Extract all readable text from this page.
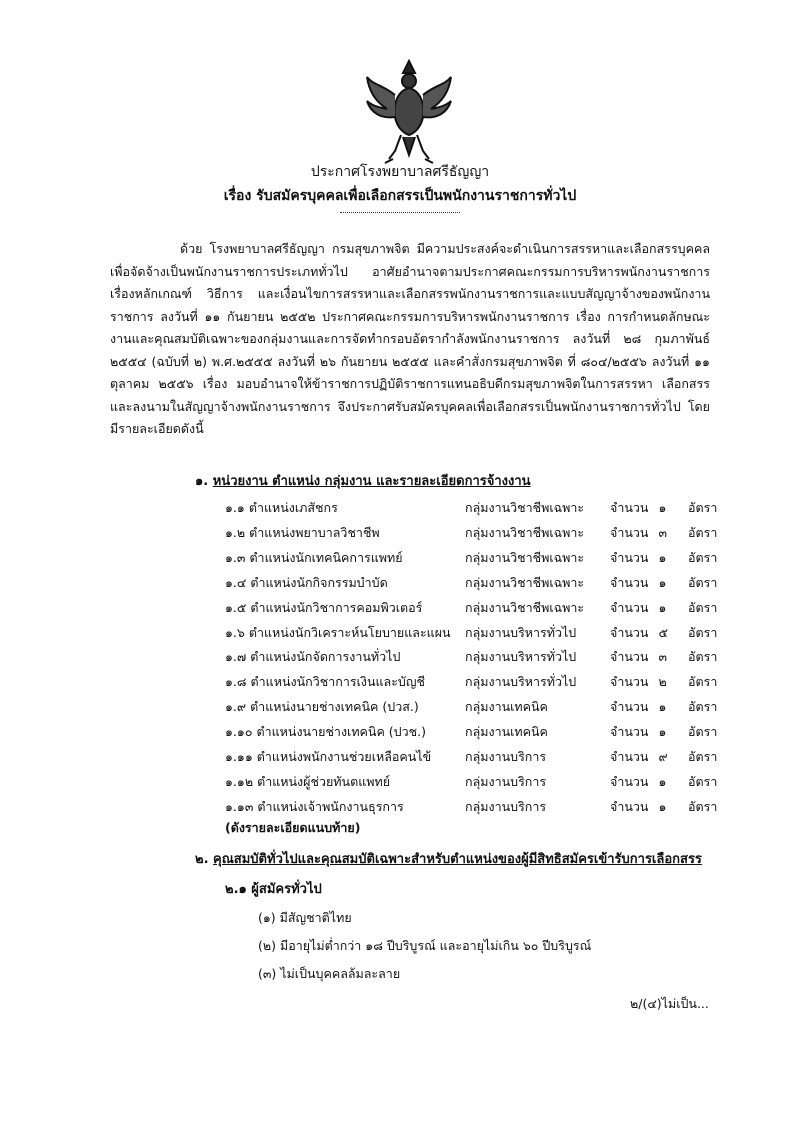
ประกาศโรงพยาบาลศรีธัญญา
เรื่อง รับสมัครบุคคลเพื่อเลือกสรรเป็นพนักงานราชการทั่วไป
ด้วย โรงพยาบาลศรีธัญญา กรมสุขภาพจิต มีความประสงค์จะดำเนินการสรรหาและเลือกสรรบุคคลเพื่อจัดจ้างเป็นพนักงานราชการประเภททั่วไป อาศัยอำนาจตามประกาศคณะกรรมการบริหารพนักงานราชการ เรื่องหลักเกณฑ์ วิธีการ และเงื่อนไขการสรรหาและเลือกสรรพนักงานราชการและแบบสัญญาจ้างของพนักงานราชการ ลงวันที่ ๑๑ กันยายน ๒๕๕๒ ประกาศคณะกรรมการบริหารพนักงานราชการ เรื่อง การกำหนดลักษณะงานและคุณสมบัติเฉพาะของกลุ่มงานและการจัดทำกรอบอัตรากำลังพนักงานราชการ ลงวันที่ ๒๘ กุมภาพันธ์ ๒๕๕๔ (ฉบับที่ ๒) พ.ศ.๒๕๕๕ ลงวันที่ ๒๖ กันยายน ๒๕๕๕ และคำสั่งกรมสุขภาพจิต ที่ ๘๐๔/๒๕๕๖ ลงวันที่ ๑๑ ตุลาคม ๒๕๕๖ เรื่อง มอบอำนาจให้ข้าราชการปฏิบัติราชการแทนอธิบดีกรมสุขภาพจิตในการสรรหา เลือกสรรและลงนามในสัญญาจ้างพนักงานราชการ จึงประกาศรับสมัครบุคคลเพื่อเลือกสรรเป็นพนักงานราชการทั่วไป โดยมีรายละเอียดดังนี้
๑. หน่วยงาน ตำแหน่ง กลุ่มงาน และรายละเอียดการจ้างงาน
๑.๑ ตำแหน่งเภสัชกร	กลุ่มงานวิชาชีพเฉพาะ จำนวน ๑ อัตรา
๑.๒ ตำแหน่งพยาบาลวิชาชีพ	กลุ่มงานวิชาชีพเฉพาะ จำนวน ๓ อัตรา
๑.๓ ตำแหน่งนักเทคนิคการแพทย์	กลุ่มงานวิชาชีพเฉพาะ จำนวน ๑ อัตรา
๑.๔ ตำแหน่งนักกิจกรรมบำบัด	กลุ่มงานวิชาชีพเฉพาะ จำนวน ๑ อัตรา
๑.๕ ตำแหน่งนักวิชาการคอมพิวเตอร์	กลุ่มงานวิชาชีพเฉพาะ จำนวน ๑ อัตรา
๑.๖ ตำแหน่งนักวิเคราะห์นโยบายและแผน กลุ่มงานบริหารทั่วไป	จำนวน ๕ อัตรา
๑.๗ ตำแหน่งนักจัดการงานทั่วไป	กลุ่มงานบริหารทั่วไป	จำนวน ๓ อัตรา
๑.๘ ตำแหน่งนักวิชาการเงินและบัญชี	กลุ่มงานบริหารทั่วไป	จำนวน ๒ อัตรา
๑.๙ ตำแหน่งนายช่างเทคนิค (ปวส.)	กลุ่มงานเทคนิค	จำนวน ๑ อัตรา
๑.๑๐ ตำแหน่งนายช่างเทคนิค (ปวช.)	กลุ่มงานเทคนิค	จำนวน ๑ อัตรา
๑.๑๑ ตำแหน่งพนักงานช่วยเหลือคนไข้	กลุ่มงานบริการ	จำนวน ๙ อัตรา
๑.๑๒ ตำแหน่งผู้ช่วยทันตแพทย์	กลุ่มงานบริการ	จำนวน ๑ อัตรา
๑.๑๓ ตำแหน่งเจ้าพนักงานธุรการ	กลุ่มงานบริการ	จำนวน ๑ อัตรา
(ดังรายละเอียดแนบท้าย)
๒. คุณสมบัติทั่วไปและคุณสมบัติเฉพาะสำหรับตำแหน่งของผู้มีสิทธิสมัครเข้ารับการเลือกสรร
๒.๑ ผู้สมัครทั่วไป
(๑) มีสัญชาติไทย
(๒) มีอายุไม่ต่ำกว่า ๑๘ ปีบริบูรณ์ และอายุไม่เกิน ๖๐ ปีบริบูรณ์
(๓) ไม่เป็นบุคคลล้มละลาย
๒/(๔)ไม่เป็น...
